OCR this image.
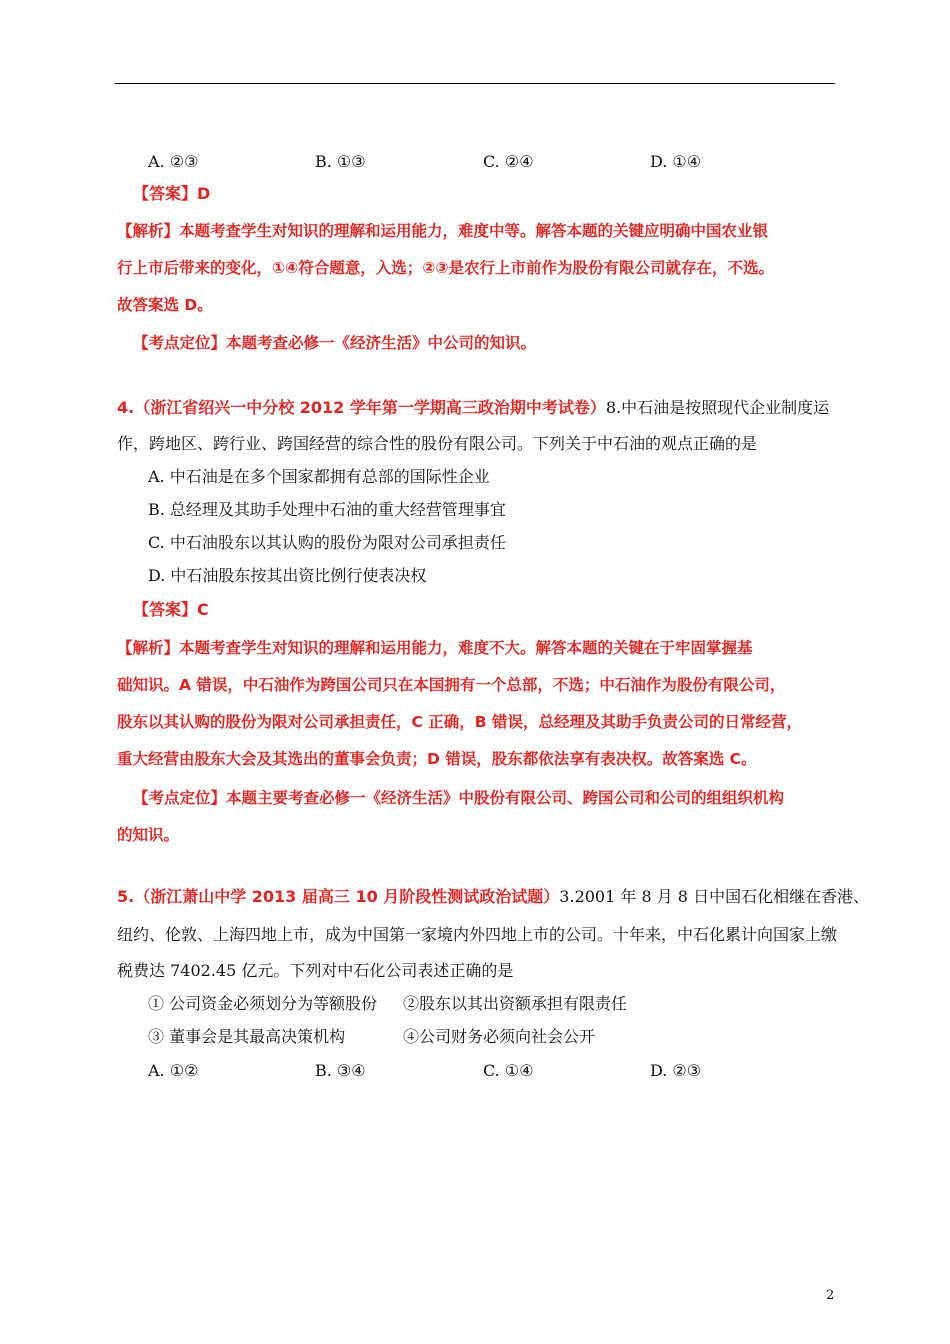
A. ②③	B. ①③	C. ②④	D. ①④
【答案】D
【解析】本题考查学生对知识的理解和运用能力，难度中等。解答本题的关键应明确中国农业银
行上市后带来的变化，①④符合题意，入选；②③是农行上市前作为股份有限公司就存在，不选。
故答案选 D。
【考点定位】本题考查必修一《经济生活》中公司的知识。
4.（浙江省绍兴一中分校 2012 学年第一学期高三政治期中考试卷）8.中石油是按照现代企业制度运
作，跨地区、跨行业、跨国经营的综合性的股份有限公司。下列关于中石油的观点正确的是
A. 中石油是在多个国家都拥有总部的国际性企业
B. 总经理及其助手处理中石油的重大经营管理事宜
C. 中石油股东以其认购的股份为限对公司承担责任
D. 中石油股东按其出资比例行使表决权
【答案】C
【解析】本题考查学生对知识的理解和运用能力，难度不大。解答本题的关键在于牢固掌握基
础知识。A 错误，中石油作为跨国公司只在本国拥有一个总部，不选；中石油作为股份有限公司，
股东以其认购的股份为限对公司承担责任，C 正确，B 错误，总经理及其助手负责公司的日常经营，
重大经营由股东大会及其选出的董事会负责；D 错误，股东都依法享有表决权。故答案选 C。
【考点定位】本题主要考查必修一《经济生活》中股份有限公司、跨国公司和公司的组组织机构
的知识。
5.（浙江萧山中学 2013 届高三 10 月阶段性测试政治试题）3.2001 年 8 月 8 日中国石化相继在香港、
纽约、伦敦、上海四地上市，成为中国第一家境内外四地上市的公司。十年来，中石化累计向国家上缴
税费达 7402.45 亿元。下列对中石化公司表述正确的是
① 公司资金必须划分为等额股份 ②股东以其出资额承担有限责任
③ 董事会是其最高决策机构	④公司财务必须向社会公开
A. ①②	B. ③④	C. ①④	D. ②③
2
